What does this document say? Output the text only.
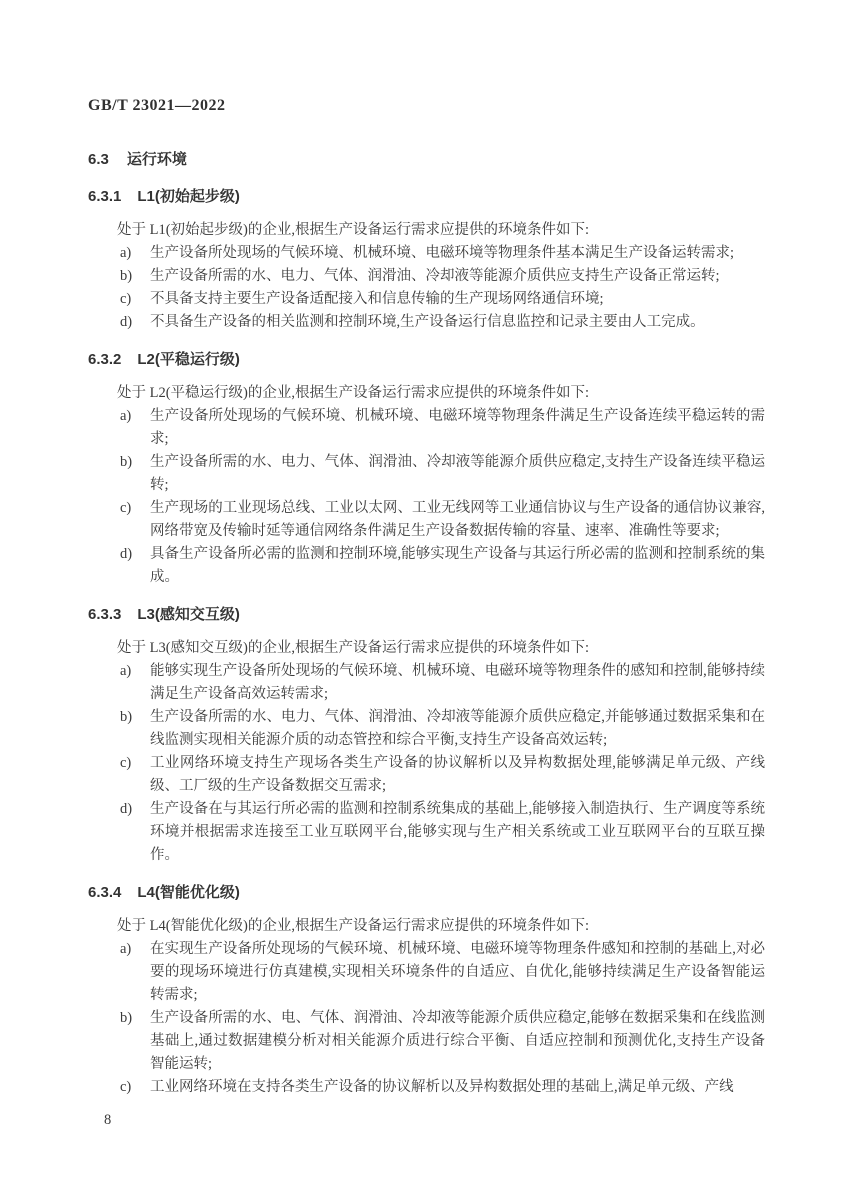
GB/T 23021—2022
6.3 运行环境
6.3.1 L1(初始起步级)

处于 L1(初始起步级)的企业,根据生产设备运行需求应提供的环境条件如下:

a) 生产设备所处现场的气候环境、机械环境、电磁环境等物理条件基本满足生产设备运转需求;
b) 生产设备所需的水、电力、气体、润滑油、冷却液等能源介质供应支持生产设备正常运转;
c) 不具备支持主要生产设备适配接入和信息传输的生产现场网络通信环境;
d) 不具备生产设备的相关监测和控制环境,生产设备运行信息监控和记录主要由人工完成。
6.3.2 L2(平稳运行级)

处于 L2(平稳运行级)的企业,根据生产设备运行需求应提供的环境条件如下:

a) 生产设备所处现场的气候环境、机械环境、电磁环境等物理条件满足生产设备连续平稳运转的需求;
b) 生产设备所需的水、电力、气体、润滑油、冷却液等能源介质供应稳定,支持生产设备连续平稳运转;
c) 生产现场的工业现场总线、工业以太网、工业无线网等工业通信协议与生产设备的通信协议兼容,网络带宽及传输时延等通信网络条件满足生产设备数据传输的容量、速率、准确性等要求;
d) 具备生产设备所必需的监测和控制环境,能够实现生产设备与其运行所必需的监测和控制系统的集成。
6.3.3 L3(感知交互级)

处于 L3(感知交互级)的企业,根据生产设备运行需求应提供的环境条件如下:

a) 能够实现生产设备所处现场的气候环境、机械环境、电磁环境等物理条件的感知和控制,能够持续满足生产设备高效运转需求;
b) 生产设备所需的水、电力、气体、润滑油、冷却液等能源介质供应稳定,并能够通过数据采集和在线监测实现相关能源介质的动态管控和综合平衡,支持生产设备高效运转;
c) 工业网络环境支持生产现场各类生产设备的协议解析以及异构数据处理,能够满足单元级、产线级、工厂级的生产设备数据交互需求;
d) 生产设备在与其运行所必需的监测和控制系统集成的基础上,能够接入制造执行、生产调度等系统环境并根据需求连接至工业互联网平台,能够实现与生产相关系统或工业互联网平台的互联互操作。
6.3.4 L4(智能优化级)

处于 L4(智能优化级)的企业,根据生产设备运行需求应提供的环境条件如下:

a) 在实现生产设备所处现场的气候环境、机械环境、电磁环境等物理条件感知和控制的基础上,对必要的现场环境进行仿真建模,实现相关环境条件的自适应、自优化,能够持续满足生产设备智能运转需求;
b) 生产设备所需的水、电、气体、润滑油、冷却液等能源介质供应稳定,能够在数据采集和在线监测基础上,通过数据建模分析对相关能源介质进行综合平衡、自适应控制和预测优化,支持生产设备智能运转;
c) 工业网络环境在支持各类生产设备的协议解析以及异构数据处理的基础上,满足单元级、产线
8
